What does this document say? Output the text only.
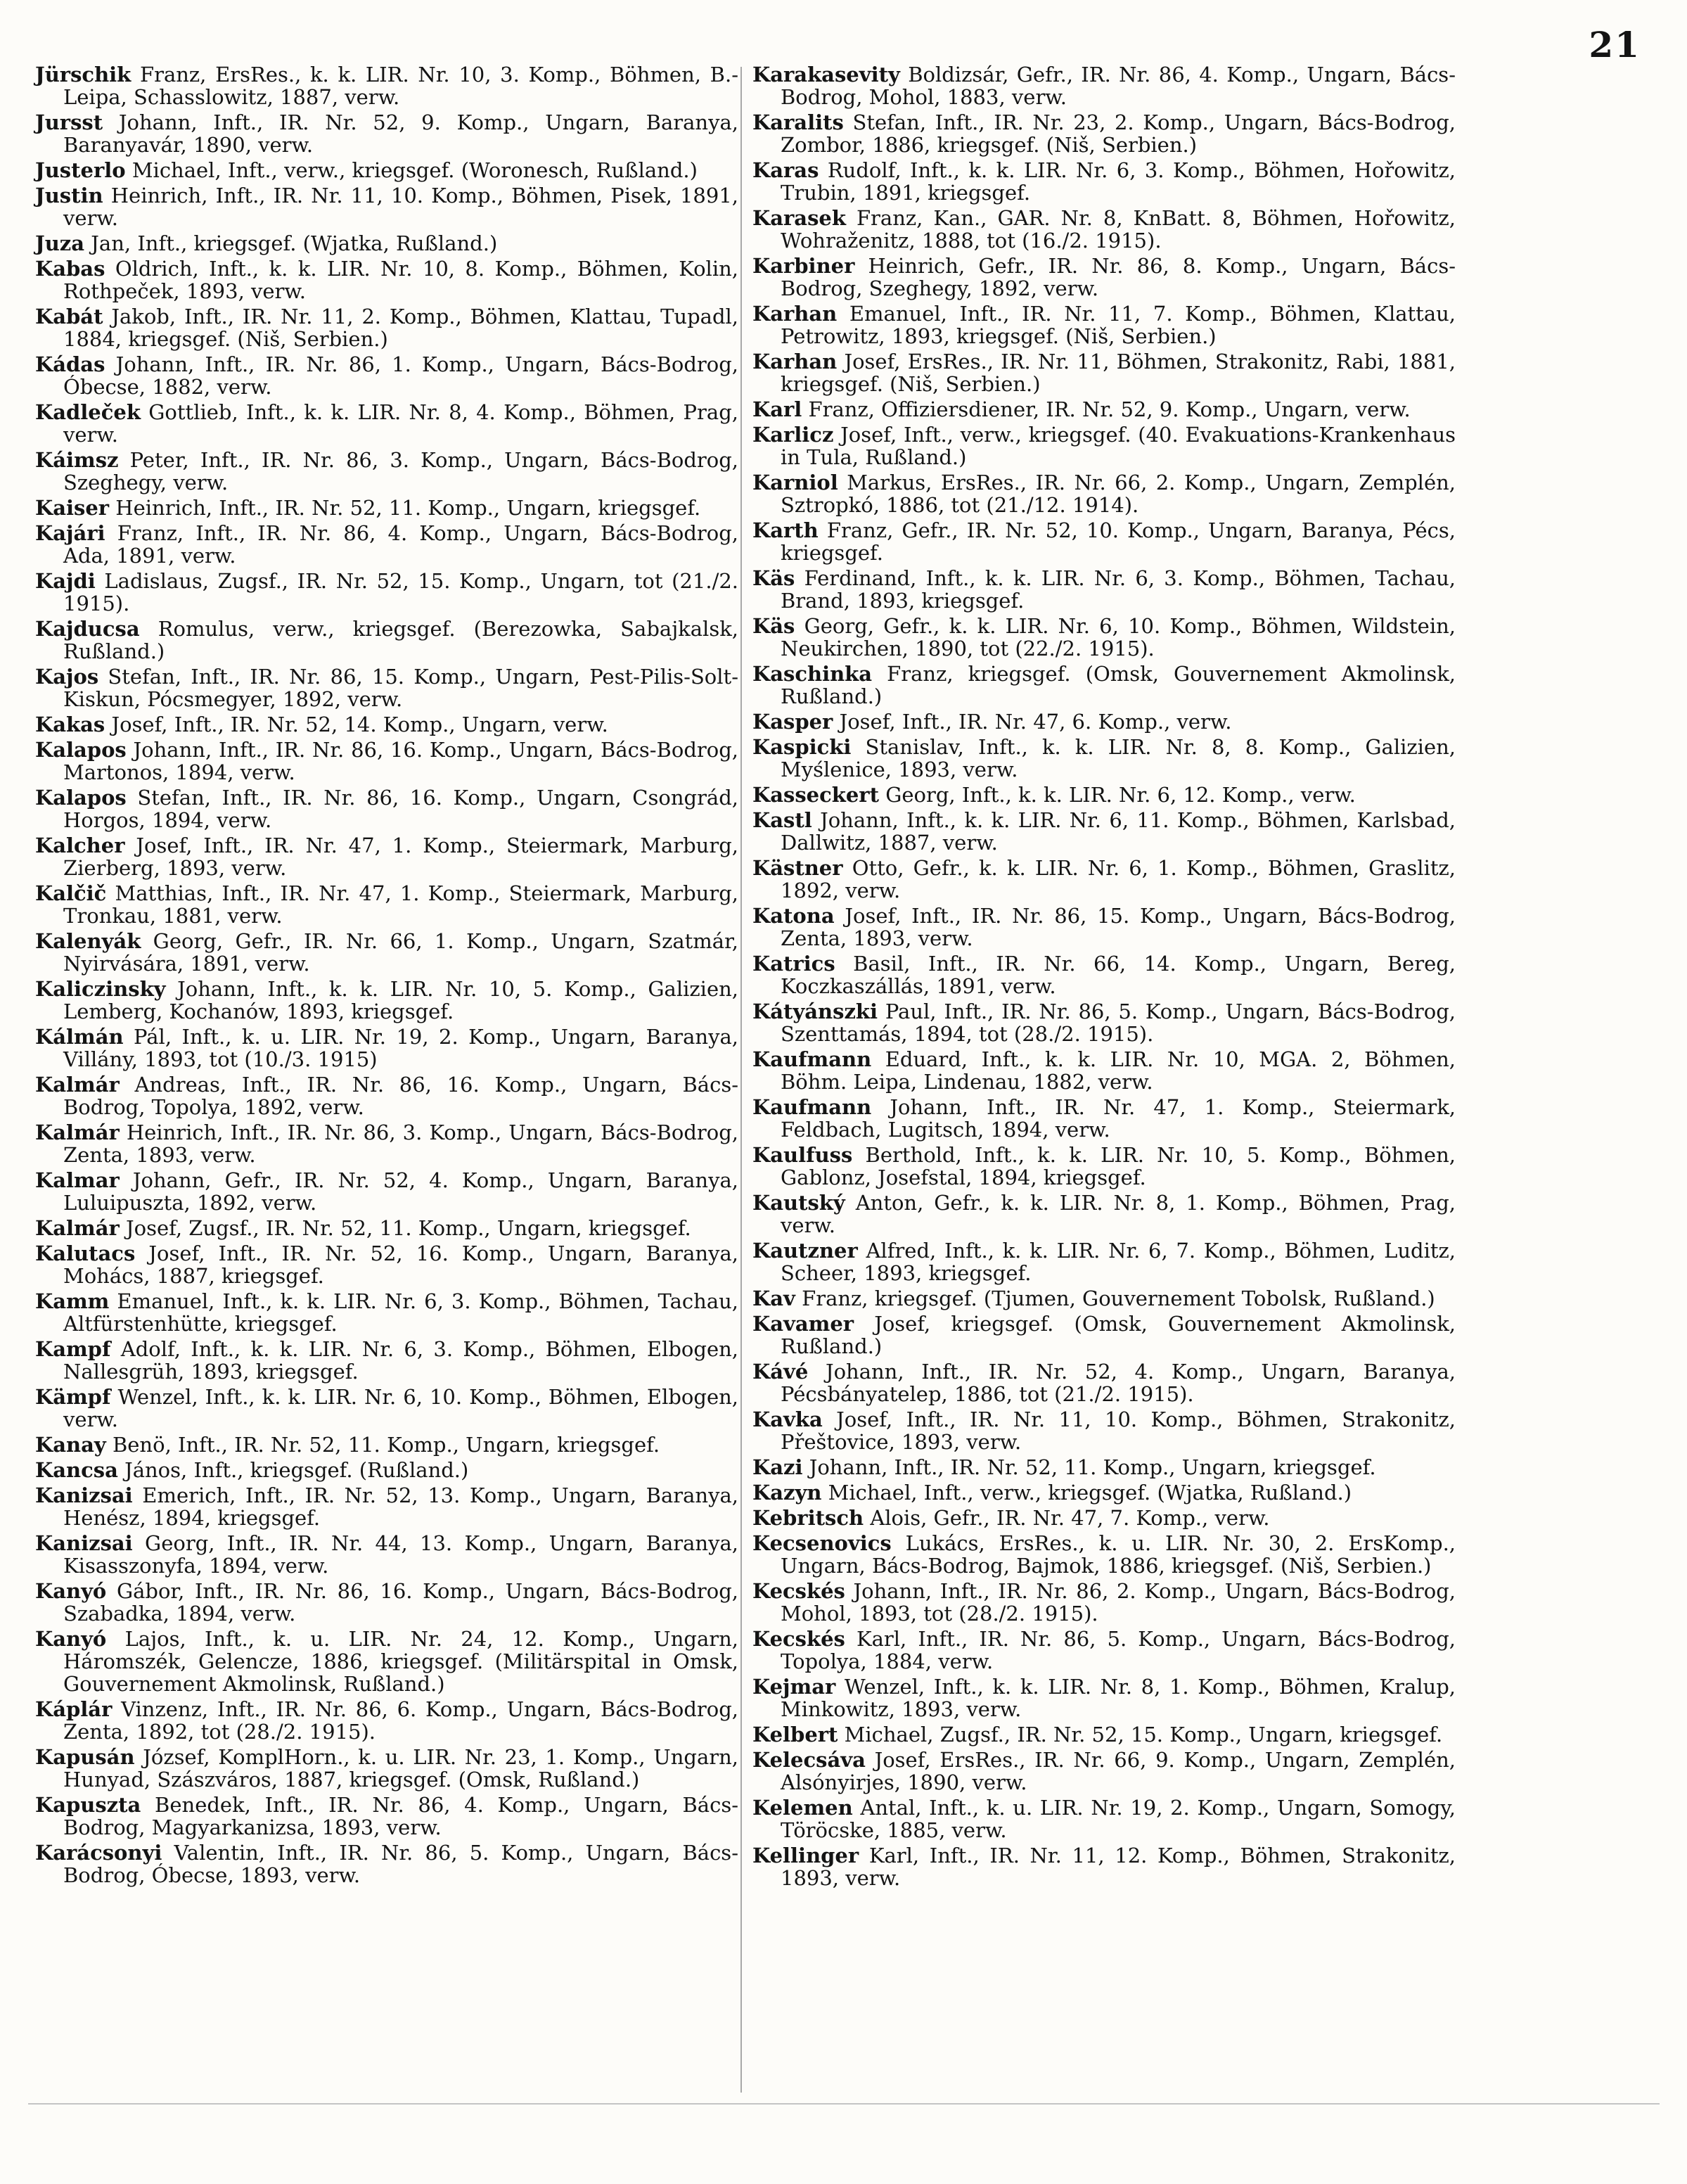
21

Jürschik Franz, ErsRes., k. k. LIR. Nr. 10, 3. Komp., Böhmen, B.-Leipa, Schasslowitz, 1887, verw.

Jursst Johann, Inft., IR. Nr. 52, 9. Komp., Ungarn, Baranya, Baranyavár, 1890, verw.

Justerlo Michael, Inft., verw., kriegsgef. (Woronesch, Rußland.)

Justin Heinrich, Inft., IR. Nr. 11, 10. Komp., Böhmen, Pisek, 1891, verw.

Juza Jan, Inft., kriegsgef. (Wjatka, Rußland.)

Kabas Oldrich, Inft., k. k. LIR. Nr. 10, 8. Komp., Böhmen, Kolin, Rothpeček, 1893, verw.

Kabát Jakob, Inft., IR. Nr. 11, 2. Komp., Böhmen, Klattau, Tupadl, 1884, kriegsgef. (Niš, Serbien.)

Kádas Johann, Inft., IR. Nr. 86, 1. Komp., Ungarn, Bács-Bodrog, Óbecse, 1882, verw.

Kadleček Gottlieb, Inft., k. k. LIR. Nr. 8, 4. Komp., Böhmen, Prag, verw.

Káimsz Peter, Inft., IR. Nr. 86, 3. Komp., Ungarn, Bács-Bodrog, Szeghegy, verw.

Kaiser Heinrich, Inft., IR. Nr. 52, 11. Komp., Ungarn, kriegsgef.

Kajári Franz, Inft., IR. Nr. 86, 4. Komp., Ungarn, Bács-Bodrog, Ada, 1891, verw.

Kajdi Ladislaus, Zugsf., IR. Nr. 52, 15. Komp., Ungarn, tot (21./2. 1915).

Kajducsa Romulus, verw., kriegsgef. (Berezowka, Sabajkalsk, Rußland.)

Kajos Stefan, Inft., IR. Nr. 86, 15. Komp., Ungarn, Pest-Pilis-Solt-Kiskun, Pócsmegyer, 1892, verw.

Kakas Josef, Inft., IR. Nr. 52, 14. Komp., Ungarn, verw.

Kalapos Johann, Inft., IR. Nr. 86, 16. Komp., Ungarn, Bács-Bodrog, Martonos, 1894, verw.

Kalapos Stefan, Inft., IR. Nr. 86, 16. Komp., Ungarn, Csongrád, Horgos, 1894, verw.

Kalcher Josef, Inft., IR. Nr. 47, 1. Komp., Steiermark, Marburg, Zierberg, 1893, verw.

Kalčič Matthias, Inft., IR. Nr. 47, 1. Komp., Steiermark, Marburg, Tronkau, 1881, verw.

Kalenyák Georg, Gefr., IR. Nr. 66, 1. Komp., Ungarn, Szatmár, Nyirvására, 1891, verw.

Kaliczinsky Johann, Inft., k. k. LIR. Nr. 10, 5. Komp., Galizien, Lemberg, Kochanów, 1893, kriegsgef.

Kálmán Pál, Inft., k. u. LIR. Nr. 19, 2. Komp., Ungarn, Baranya, Villány, 1893, tot (10./3. 1915)

Kalmár Andreas, Inft., IR. Nr. 86, 16. Komp., Ungarn, Bács-Bodrog, Topolya, 1892, verw.

Kalmár Heinrich, Inft., IR. Nr. 86, 3. Komp., Ungarn, Bács-Bodrog, Zenta, 1893, verw.

Kalmar Johann, Gefr., IR. Nr. 52, 4. Komp., Ungarn, Baranya, Luluipuszta, 1892, verw.

Kalmár Josef, Zugsf., IR. Nr. 52, 11. Komp., Ungarn, kriegsgef.

Kalutacs Josef, Inft., IR. Nr. 52, 16. Komp., Ungarn, Baranya, Mohács, 1887, kriegsgef.

Kamm Emanuel, Inft., k. k. LIR. Nr. 6, 3. Komp., Böhmen, Tachau, Altfürstenhütte, kriegsgef.

Kampf Adolf, Inft., k. k. LIR. Nr. 6, 3. Komp., Böhmen, Elbogen, Nallesgrüh, 1893, kriegsgef.

Kämpf Wenzel, Inft., k. k. LIR. Nr. 6, 10. Komp., Böhmen, Elbogen, verw.

Kanay Benö, Inft., IR. Nr. 52, 11. Komp., Ungarn, kriegsgef.

Kancsa János, Inft., kriegsgef. (Rußland.)

Kanizsai Emerich, Inft., IR. Nr. 52, 13. Komp., Ungarn, Baranya, Henész, 1894, kriegsgef.

Kanizsai Georg, Inft., IR. Nr. 44, 13. Komp., Ungarn, Baranya, Kisasszonyfa, 1894, verw.

Kanyó Gábor, Inft., IR. Nr. 86, 16. Komp., Ungarn, Bács-Bodrog, Szabadka, 1894, verw.

Kanyó Lajos, Inft., k. u. LIR. Nr. 24, 12. Komp., Ungarn, Háromszék, Gelencze, 1886, kriegsgef. (Militärspital in Omsk, Gouvernement Akmolinsk, Rußland.)

Káplár Vinzenz, Inft., IR. Nr. 86, 6. Komp., Ungarn, Bács-Bodrog, Zenta, 1892, tot (28./2. 1915).

Kapusán József, KomplHorn., k. u. LIR. Nr. 23, 1. Komp., Ungarn, Hunyad, Szászváros, 1887, kriegsgef. (Omsk, Rußland.)

Kapuszta Benedek, Inft., IR. Nr. 86, 4. Komp., Ungarn, Bács-Bodrog, Magyarkanizsa, 1893, verw.

Karácsonyi Valentin, Inft., IR. Nr. 86, 5. Komp., Ungarn, Bács-Bodrog, Óbecse, 1893, verw.

Karakasevity Boldizsár, Gefr., IR. Nr. 86, 4. Komp., Ungarn, Bács-Bodrog, Mohol, 1883, verw.

Karalits Stefan, Inft., IR. Nr. 23, 2. Komp., Ungarn, Bács-Bodrog, Zombor, 1886, kriegsgef. (Niš, Serbien.)

Karas Rudolf, Inft., k. k. LIR. Nr. 6, 3. Komp., Böhmen, Hořowitz, Trubin, 1891, kriegsgef.

Karasek Franz, Kan., GAR. Nr. 8, KnBatt. 8, Böhmen, Hořowitz, Wohraženitz, 1888, tot (16./2. 1915).

Karbiner Heinrich, Gefr., IR. Nr. 86, 8. Komp., Ungarn, Bács-Bodrog, Szeghegy, 1892, verw.

Karhan Emanuel, Inft., IR. Nr. 11, 7. Komp., Böhmen, Klattau, Petrowitz, 1893, kriegsgef. (Niš, Serbien.)

Karhan Josef, ErsRes., IR. Nr. 11, Böhmen, Strakonitz, Rabi, 1881, kriegsgef. (Niš, Serbien.)

Karl Franz, Offiziersdiener, IR. Nr. 52, 9. Komp., Ungarn, verw.

Karlicz Josef, Inft., verw., kriegsgef. (40. Evakuations-Krankenhaus in Tula, Rußland.)

Karniol Markus, ErsRes., IR. Nr. 66, 2. Komp., Ungarn, Zemplén, Sztropkó, 1886, tot (21./12. 1914).

Karth Franz, Gefr., IR. Nr. 52, 10. Komp., Ungarn, Baranya, Pécs, kriegsgef.

Käs Ferdinand, Inft., k. k. LIR. Nr. 6, 3. Komp., Böhmen, Tachau, Brand, 1893, kriegsgef.

Käs Georg, Gefr., k. k. LIR. Nr. 6, 10. Komp., Böhmen, Wildstein, Neukirchen, 1890, tot (22./2. 1915).

Kaschinka Franz, kriegsgef. (Omsk, Gouvernement Akmolinsk, Rußland.)

Kasper Josef, Inft., IR. Nr. 47, 6. Komp., verw.

Kaspicki Stanislav, Inft., k. k. LIR. Nr. 8, 8. Komp., Galizien, Myślenice, 1893, verw.

Kasseckert Georg, Inft., k. k. LIR. Nr. 6, 12. Komp., verw.

Kastl Johann, Inft., k. k. LIR. Nr. 6, 11. Komp., Böhmen, Karlsbad, Dallwitz, 1887, verw.

Kästner Otto, Gefr., k. k. LIR. Nr. 6, 1. Komp., Böhmen, Graslitz, 1892, verw.

Katona Josef, Inft., IR. Nr. 86, 15. Komp., Ungarn, Bács-Bodrog, Zenta, 1893, verw.

Katrics Basil, Inft., IR. Nr. 66, 14. Komp., Ungarn, Bereg, Koczkaszállás, 1891, verw.

Kátyánszki Paul, Inft., IR. Nr. 86, 5. Komp., Ungarn, Bács-Bodrog, Szenttamás, 1894, tot (28./2. 1915).

Kaufmann Eduard, Inft., k. k. LIR. Nr. 10, MGA. 2, Böhmen, Böhm. Leipa, Lindenau, 1882, verw.

Kaufmann Johann, Inft., IR. Nr. 47, 1. Komp., Steiermark, Feldbach, Lugitsch, 1894, verw.

Kaulfuss Berthold, Inft., k. k. LIR. Nr. 10, 5. Komp., Böhmen, Gablonz, Josefstal, 1894, kriegsgef.

Kautský Anton, Gefr., k. k. LIR. Nr. 8, 1. Komp., Böhmen, Prag, verw.

Kautzner Alfred, Inft., k. k. LIR. Nr. 6, 7. Komp., Böhmen, Luditz, Scheer, 1893, kriegsgef.

Kav Franz, kriegsgef. (Tjumen, Gouvernement Tobolsk, Rußland.)

Kavamer Josef, kriegsgef. (Omsk, Gouvernement Akmolinsk, Rußland.)

Kávé Johann, Inft., IR. Nr. 52, 4. Komp., Ungarn, Baranya, Pécsbányatelep, 1886, tot (21./2. 1915).

Kavka Josef, Inft., IR. Nr. 11, 10. Komp., Böhmen, Strakonitz, Přeštovice, 1893, verw.

Kazi Johann, Inft., IR. Nr. 52, 11. Komp., Ungarn, kriegsgef.

Kazyn Michael, Inft., verw., kriegsgef. (Wjatka, Rußland.)

Kebritsch Alois, Gefr., IR. Nr. 47, 7. Komp., verw.

Kecsenovics Lukács, ErsRes., k. u. LIR. Nr. 30, 2. ErsKomp., Ungarn, Bács-Bodrog, Bajmok, 1886, kriegsgef. (Niš, Serbien.)

Kecskés Johann, Inft., IR. Nr. 86, 2. Komp., Ungarn, Bács-Bodrog, Mohol, 1893, tot (28./2. 1915).

Kecskés Karl, Inft., IR. Nr. 86, 5. Komp., Ungarn, Bács-Bodrog, Topolya, 1884, verw.

Kejmar Wenzel, Inft., k. k. LIR. Nr. 8, 1. Komp., Böhmen, Kralup, Minkowitz, 1893, verw.

Kelbert Michael, Zugsf., IR. Nr. 52, 15. Komp., Ungarn, kriegsgef.

Kelecsáva Josef, ErsRes., IR. Nr. 66, 9. Komp., Ungarn, Zemplén, Alsónyirjes, 1890, verw.

Kelemen Antal, Inft., k. u. LIR. Nr. 19, 2. Komp., Ungarn, Somogy, Töröcske, 1885, verw.

Kellinger Karl, Inft., IR. Nr. 11, 12. Komp., Böhmen, Strakonitz, 1893, verw.
